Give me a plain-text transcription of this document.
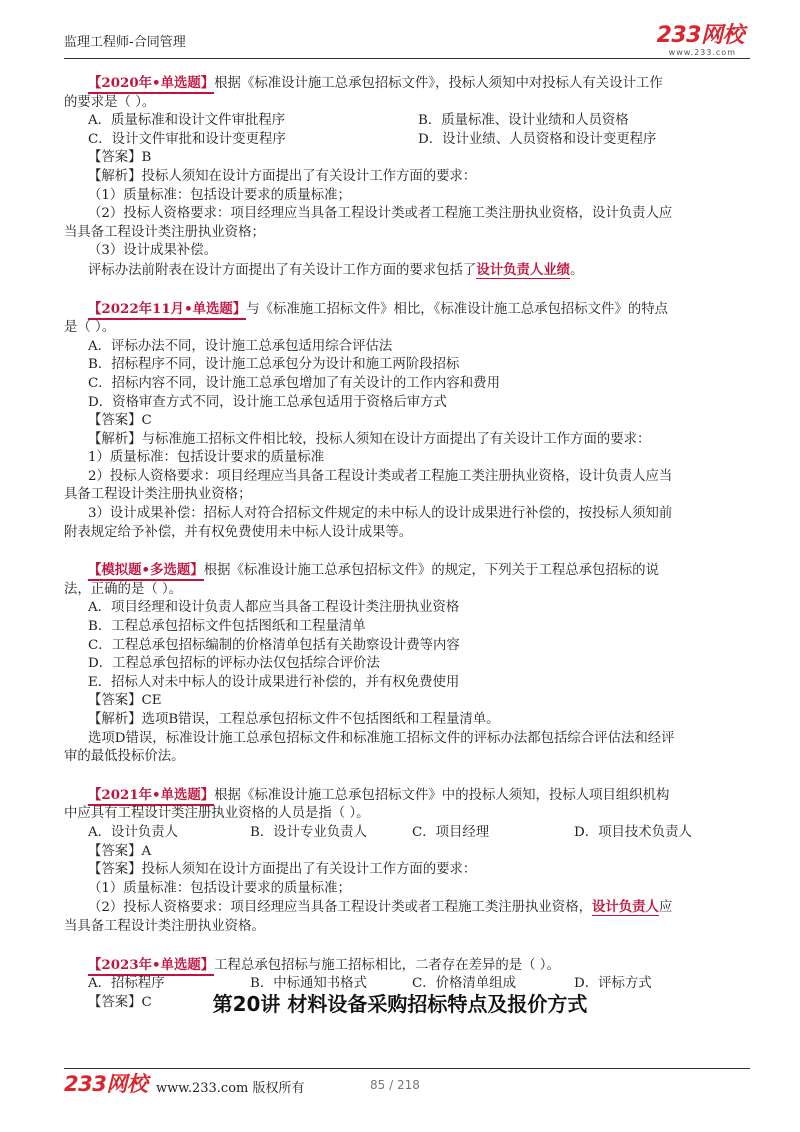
监理工程师-合同管理	233网校
www.233.com
【2020年•单选题】根据《标准设计施工总承包招标文件》，投标人须知中对投标人有关设计工作
的要求是（ ）。
A．质量标准和设计文件审批程序	B．质量标准、设计业绩和人员资格
C．设计文件审批和设计变更程序	D．设计业绩、人员资格和设计变更程序
【答案】B
【解析】投标人须知在设计方面提出了有关设计工作方面的要求：
（1）质量标准：包括设计要求的质量标准；
（2）投标人资格要求：项目经理应当具备工程设计类或者工程施工类注册执业资格，设计负责人应
当具备工程设计类注册执业资格；
（3）设计成果补偿。
评标办法前附表在设计方面提出了有关设计工作方面的要求包括了设计负责人业绩。
【2022年11月•单选题】与《标准施工招标文件》相比，《标准设计施工总承包招标文件》的特点
是（ ）。
A．评标办法不同，设计施工总承包适用综合评估法
B．招标程序不同，设计施工总承包分为设计和施工两阶段招标
C．招标内容不同，设计施工总承包增加了有关设计的工作内容和费用
D．资格审查方式不同，设计施工总承包适用于资格后审方式
【答案】C
【解析】与标准施工招标文件相比较，投标人须知在设计方面提出了有关设计工作方面的要求：
1）质量标准：包括设计要求的质量标准
2）投标人资格要求：项目经理应当具备工程设计类或者工程施工类注册执业资格，设计负责人应当
具备工程设计类注册执业资格；
3）设计成果补偿：招标人对符合招标文件规定的未中标人的设计成果进行补偿的，按投标人须知前
附表规定给予补偿，并有权免费使用未中标人设计成果等。
【模拟题•多选题】根据《标准设计施工总承包招标文件》的规定，下列关于工程总承包招标的说
法，正确的是（ ）。
A．项目经理和设计负责人都应当具备工程设计类注册执业资格
B．工程总承包招标文件包括图纸和工程量清单
C．工程总承包招标编制的价格清单包括有关勘察设计费等内容
D．工程总承包招标的评标办法仅包括综合评价法
E．招标人对未中标人的设计成果进行补偿的，并有权免费使用
【答案】CE
【解析】选项B错误，工程总承包招标文件不包括图纸和工程量清单。
选项D错误，标准设计施工总承包招标文件和标准施工招标文件的评标办法都包括综合评估法和经评
审的最低投标价法。
【2021年•单选题】根据《标准设计施工总承包招标文件》中的投标人须知，投标人项目组织机构
中应具有工程设计类注册执业资格的人员是指（ ）。
A．设计负责人	B．设计专业负责人	C．项目经理	D．项目技术负责人
【答案】A
【答案】投标人须知在设计方面提出了有关设计工作方面的要求：
（1）质量标准：包括设计要求的质量标准；
（2）投标人资格要求：项目经理应当具备工程设计类或者工程施工类注册执业资格，设计负责人应
当具备工程设计类注册执业资格。
【2023年•单选题】工程总承包招标与施工招标相比，二者存在差异的是（ ）。
A．招标程序	B．中标通知书格式	C．价格清单组成	D．评标方式
【答案】C	第20讲 材料设备采购招标特点及报价方式
233网校 www.233.com 版权所有	85 / 218
